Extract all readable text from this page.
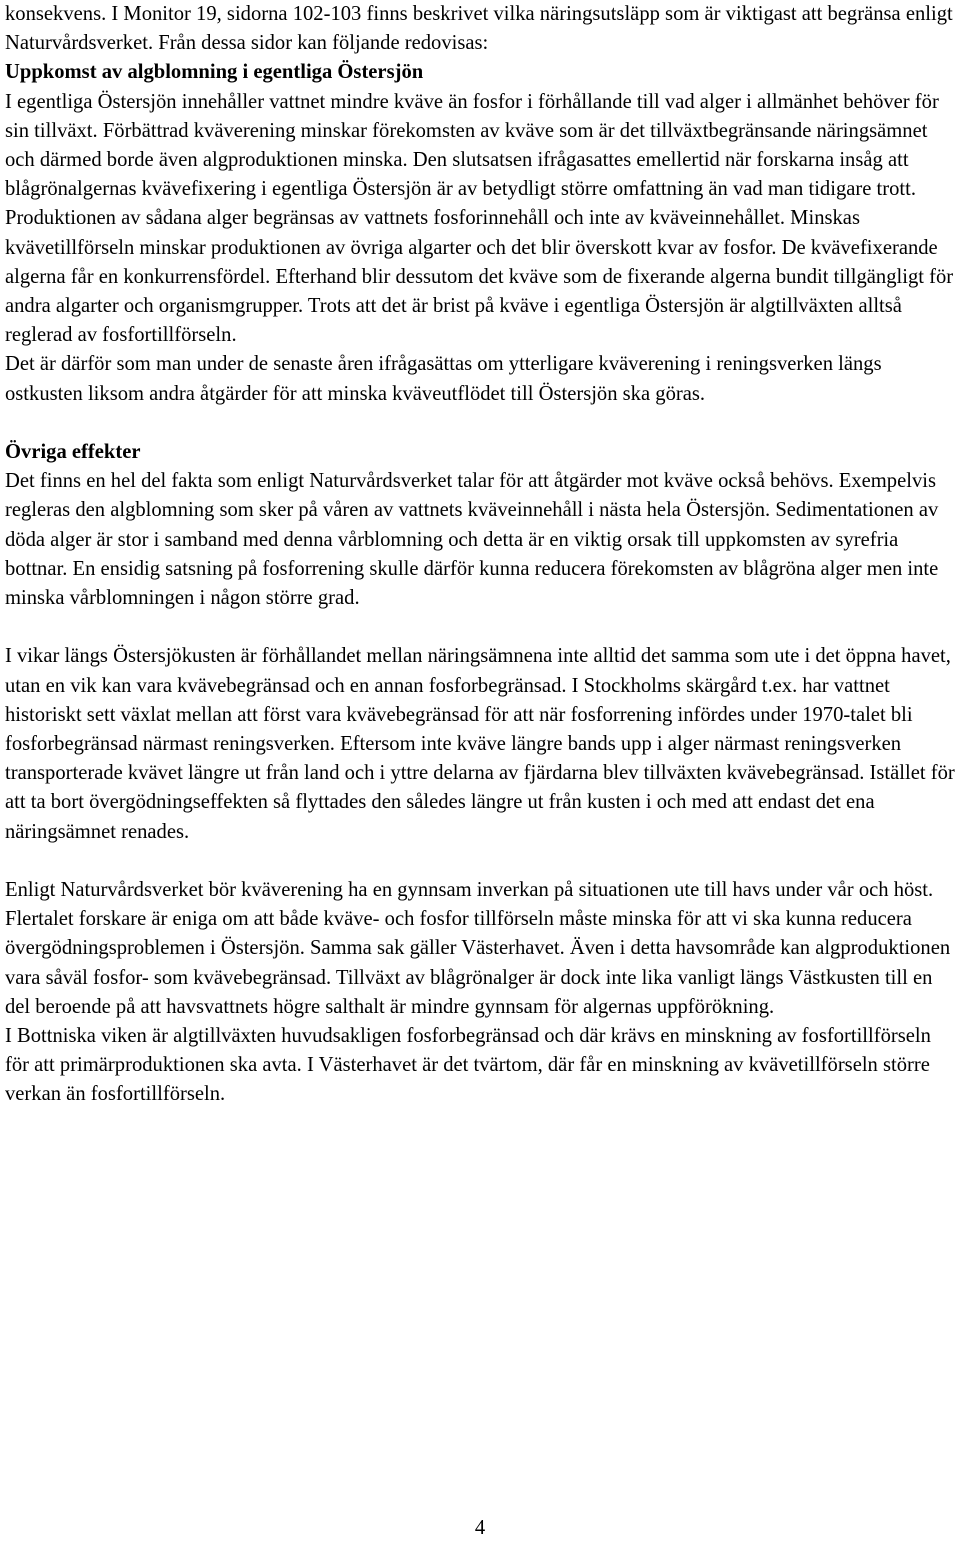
konsekvens. I Monitor 19, sidorna 102-103 finns beskrivet vilka näringsutsläpp som är viktigast att begränsa enligt Naturvårdsverket. Från dessa sidor kan följande redovisas:

Uppkomst av algblomning i egentliga Östersjön

I egentliga Östersjön innehåller vattnet mindre kväve än fosfor i förhållande till vad alger i allmänhet behöver för sin tillväxt. Förbättrad kväverening minskar förekomsten av kväve som är det tillväxtbegränsande näringsämnet och därmed borde även algproduktionen minska. Den slutsatsen ifrågasattes emellertid när forskarna insåg att blågrönalgernas kvävefixering i egentliga Östersjön är av betydligt större omfattning än vad man tidigare trott. Produktionen av sådana alger begränsas av vattnets fosforinnehåll och inte av kväveinnehållet. Minskas kvävetillförseln minskar produktionen av övriga algarter och det blir överskott kvar av fosfor. De kvävefixerande algerna får en konkurrensfördel. Efterhand blir dessutom det kväve som de fixerande algerna bundit tillgängligt för andra algarter och organismgrupper. Trots att det är brist på kväve i egentliga Östersjön är algtillväxten alltså reglerad av fosfortillförseln.

Det är därför som man under de senaste åren ifrågasättas om ytterligare kväverening i reningsverken längs ostkusten liksom andra åtgärder för att minska kväveutflödet till Östersjön ska göras.

Övriga effekter

Det finns en hel del fakta som enligt Naturvårdsverket talar för att åtgärder mot kväve också behövs. Exempelvis regleras den algblomning som sker på våren av vattnets kväveinnehåll i nästa hela Östersjön. Sedimentationen av döda alger är stor i samband med denna vårblomning och detta är en viktig orsak till uppkomsten av syrefria bottnar. En ensidig satsning på fosforrening skulle därför kunna reducera förekomsten av blågröna alger men inte minska vårblomningen i någon större grad.

I vikar längs Östersjökusten är förhållandet mellan näringsämnena inte alltid det samma som ute i det öppna havet, utan en vik kan vara kvävebegränsad och en annan fosforbegränsad. I Stockholms skärgård t.ex. har vattnet historiskt sett växlat mellan att först vara kvävebegränsad för att när fosforrening infördes under 1970-talet bli fosforbegränsad närmast reningsverken. Eftersom inte kväve längre bands upp i alger närmast reningsverken transporterade kvävet längre ut från land och i yttre delarna av fjärdarna blev tillväxten kvävebegränsad. Istället för att ta bort övergödningseffekten så flyttades den således längre ut från kusten i och med att endast det ena näringsämnet renades.

Enligt Naturvårdsverket bör kväverening ha en gynnsam inverkan på situationen ute till havs under vår och höst. Flertalet forskare är eniga om att både kväve- och fosfor tillförseln måste minska för att vi ska kunna reducera övergödningsproblemen i Östersjön. Samma sak gäller Västerhavet. Även i detta havsområde kan algproduktionen vara såväl fosfor- som kvävebegränsad. Tillväxt av blågrönalger är dock inte lika vanligt längs Västkusten till en del beroende på att havsvattnets högre salthalt är mindre gynnsam för algernas uppförökning.

I Bottniska viken är algtillväxten huvudsakligen fosforbegränsad och där krävs en minskning av fosfortillförseln för att primärproduktionen ska avta. I Västerhavet är det tvärtom, där får en minskning av kvävetillförseln större verkan än fosfortillförseln.

4
